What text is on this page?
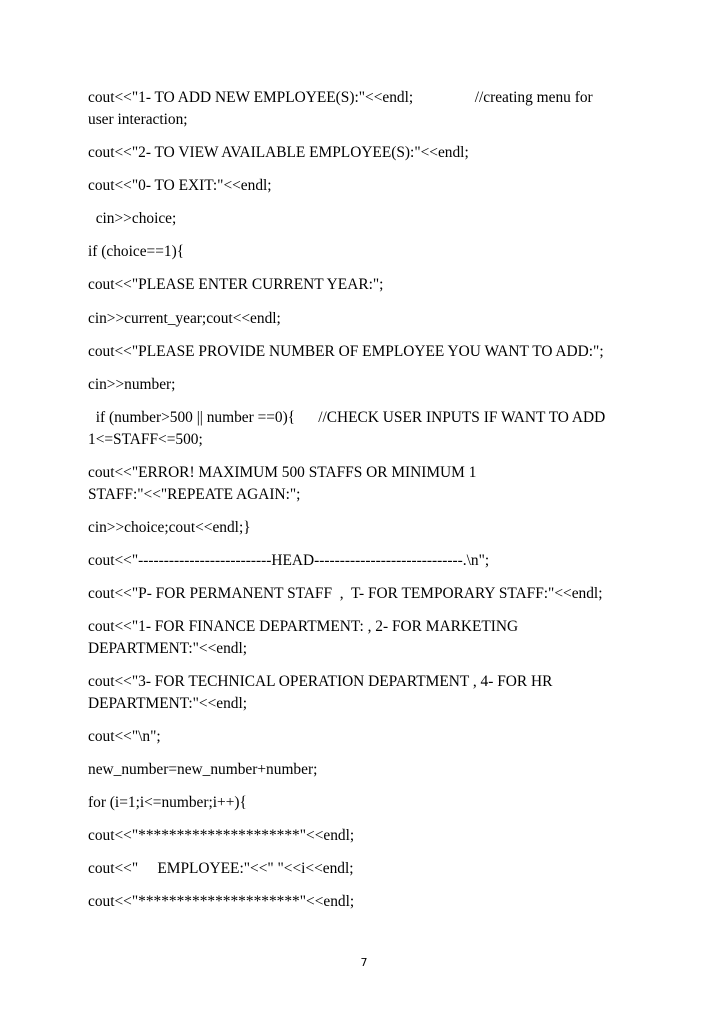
cout<<"1- TO ADD NEW EMPLOYEE(S):"<<endl;                //creating menu for
user interaction;
cout<<"2- TO VIEW AVAILABLE EMPLOYEE(S):"<<endl;
cout<<"0- TO EXIT:"<<endl;
cin>>choice;
if (choice==1){
cout<<"PLEASE ENTER CURRENT YEAR:";
cin>>current_year;cout<<endl;
cout<<"PLEASE PROVIDE NUMBER OF EMPLOYEE YOU WANT TO ADD:";
cin>>number;
if (number>500 || number ==0){      //CHECK USER INPUTS IF WANT TO ADD
1<=STAFF<=500;
cout<<"ERROR! MAXIMUM 500 STAFFS OR MINIMUM 1
STAFF:"<<"REPEATE AGAIN:";
cin>>choice;cout<<endl;}
cout<<"--------------------------HEAD-----------------------------.\n";
cout<<"P- FOR PERMANENT STAFF  ,  T- FOR TEMPORARY STAFF:"<<endl;
cout<<"1- FOR FINANCE DEPARTMENT: , 2- FOR MARKETING
DEPARTMENT:"<<endl;
cout<<"3- FOR TECHNICAL OPERATION DEPARTMENT , 4- FOR HR
DEPARTMENT:"<<endl;
cout<<"\n";
new_number=new_number+number;
for (i=1;i<=number;i++){
cout<<"*********************"<<endl;
cout<<"     EMPLOYEE:"<<" "<<i<<endl;
cout<<"*********************"<<endl;
7
